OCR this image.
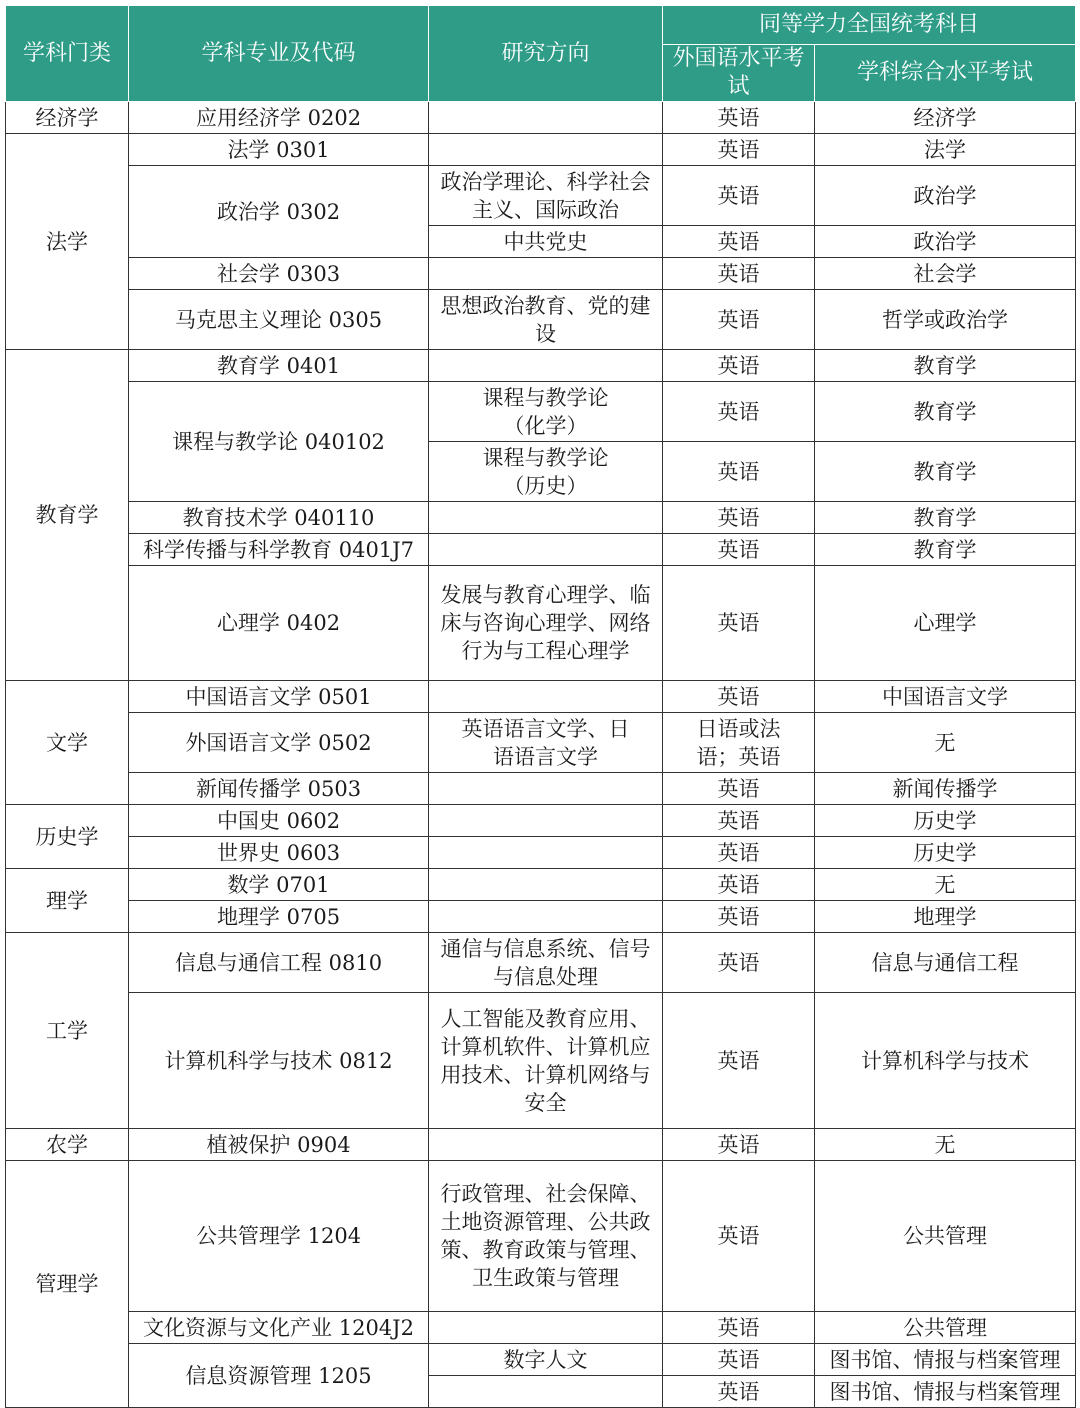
学科门类	学科专业及代码	研究方向	同等学力全国统考科目	
			外国语水平考试	学科综合水平考试
经济学	应用经济学 0202		英语	经济学
法学	法学 0301		英语	法学
	政治学 0302	政治学理论、科学社会主义、国际政治	英语	政治学
		中共党史	英语	政治学
	社会学 0303		英语	社会学
	马克思主义理论 0305	思想政治教育、党的建设	英语	哲学或政治学
教育学	教育学 0401		英语	教育学
	课程与教学论 040102	课程与教学论（化学）	英语	教育学
		课程与教学论（历史）	英语	教育学
	教育技术学 040110		英语	教育学
	科学传播与科学教育 0401J7		英语	教育学
	心理学 0402	发展与教育心理学、临床与咨询心理学、网络行为与工程心理学	英语	心理学
文学	中国语言文学 0501		英语	中国语言文学
	外国语言文学 0502	英语语言文学、日语语言文学	日语或法语；英语	无
	新闻传播学 0503		英语	新闻传播学
历史学	中国史 0602		英语	历史学
	世界史 0603		英语	历史学
理学	数学 0701		英语	无
	地理学 0705		英语	地理学
工学	信息与通信工程 0810	通信与信息系统、信号与信息处理	英语	信息与通信工程
	计算机科学与技术 0812	人工智能及教育应用、计算机软件、计算机应用技术、计算机网络与安全	英语	计算机科学与技术
农学	植被保护 0904		英语	无
管理学	公共管理学 1204	行政管理、社会保障、土地资源管理、公共政策、教育政策与管理、卫生政策与管理	英语	公共管理
	文化资源与文化产业 1204J2		英语	公共管理
	信息资源管理 1205	数字人文	英语	图书馆、情报与档案管理
			英语	图书馆、情报与档案管理
